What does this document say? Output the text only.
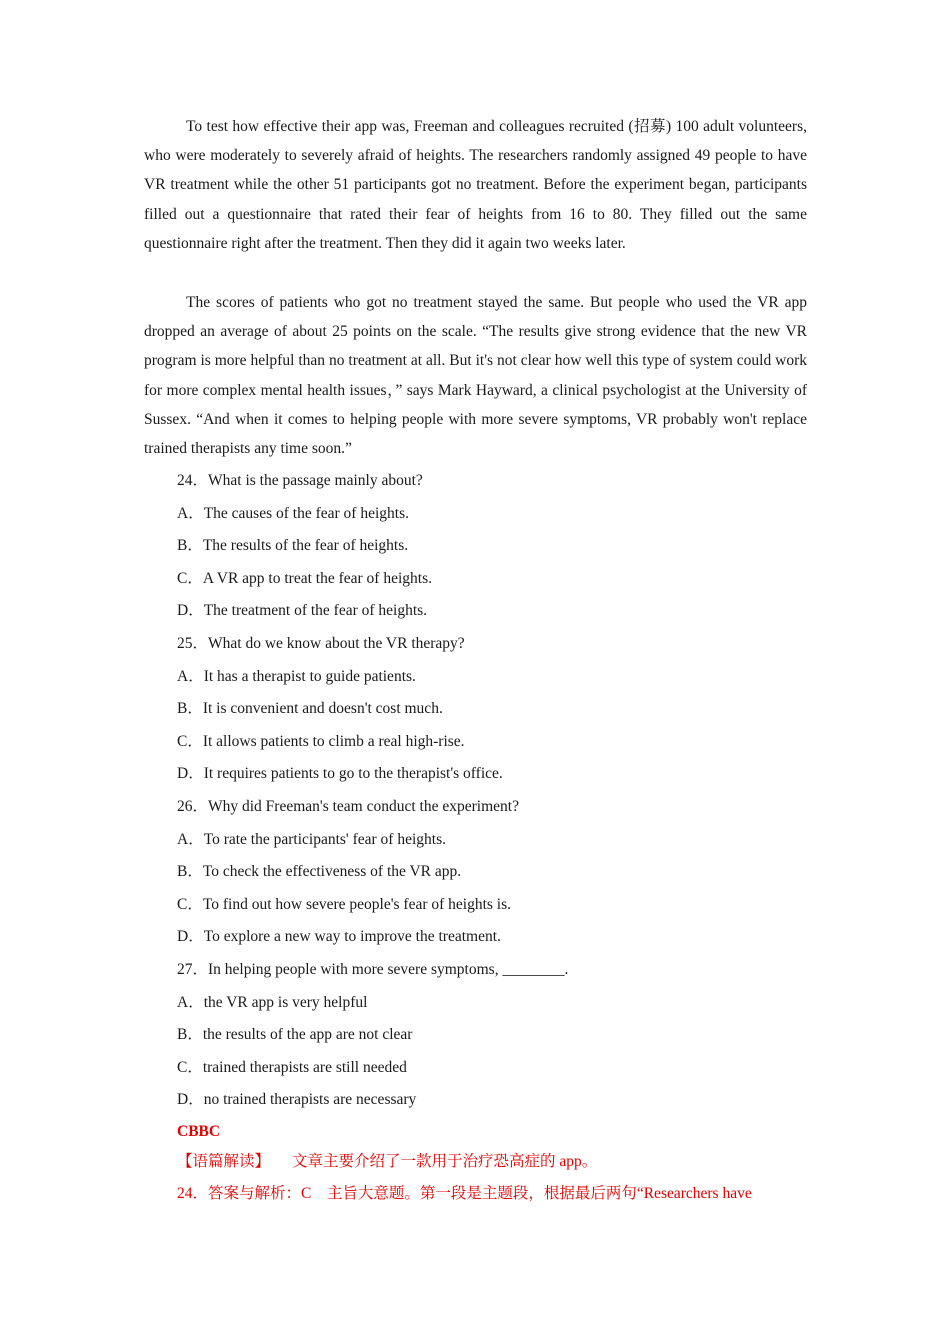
To test how effective their app was, Freeman and colleagues recruited (招募) 100 adult volunteers, who were moderately to severely afraid of heights. The researchers randomly assigned 49 people to have VR treatment while the other 51 participants got no treatment. Before the experiment began, participants filled out a questionnaire that rated their fear of heights from 16 to 80. They filled out the same questionnaire right after the treatment. Then they did it again two weeks later.

The scores of patients who got no treatment stayed the same. But people who used the VR app dropped an average of about 25 points on the scale. “The results give strong evidence that the new VR program is more helpful than no treatment at all. But it's not clear how well this type of system could work for more complex mental health issues，” says Mark Hayward, a clinical psychologist at the University of Sussex. “And when it comes to helping people with more severe symptoms, VR probably won't replace trained therapists any time soon.”

24．What is the passage mainly about?

A．The causes of the fear of heights.

B．The results of the fear of heights.

C．A VR app to treat the fear of heights.

D．The treatment of the fear of heights.

25．What do we know about the VR therapy?

A．It has a therapist to guide patients.

B．It is convenient and doesn't cost much.

C．It allows patients to climb a real high-rise.

D．It requires patients to go to the therapist's office.

26．Why did Freeman's team conduct the experiment?

A．To rate the participants' fear of heights.

B．To check the effectiveness of the VR app.

C．To find out how severe people's fear of heights is.

D．To explore a new way to improve the treatment.

27．In helping people with more severe symptoms, ________.

A．the VR app is very helpful

B．the results of the app are not clear

C．trained therapists are still needed

D．no trained therapists are necessary

CBBC

【语篇解读】 文章主要介绍了一款用于治疗恐高症的 app。

24．答案与解析：C　主旨大意题。第一段是主题段，根据最后两句“Researchers have
